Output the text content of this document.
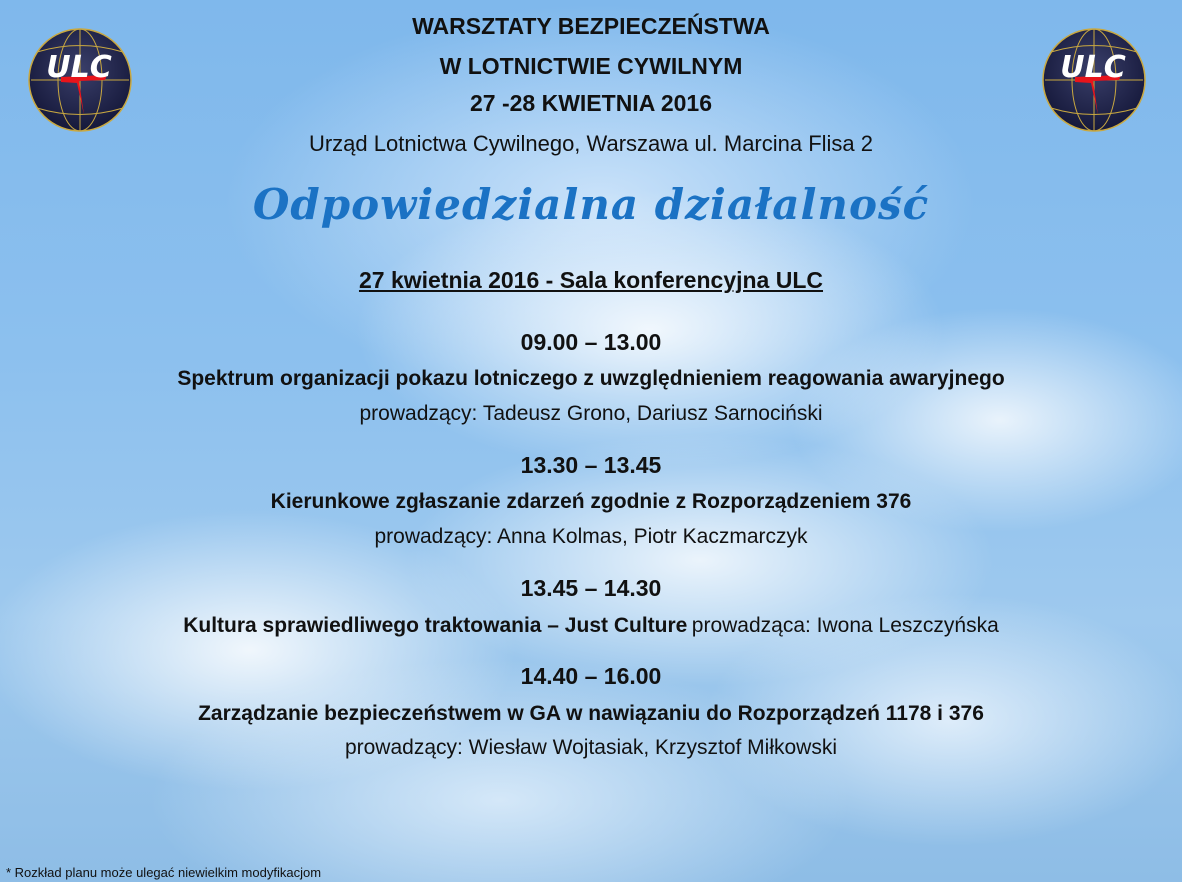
ULC	ULC
WARSZTATY BEZPIECZEŃSTWA
W LOTNICTWIE CYWILNYM
27 -28 KWIETNIA 2016
Urząd Lotnictwa Cywilnego, Warszawa ul. Marcina Flisa 2
Odpowiedzialna działalność
27 kwietnia 2016 - Sala konferencyjna ULC
09.00 – 13.00
Spektrum organizacji pokazu lotniczego z uwzględnieniem reagowania awaryjnego
prowadzący: Tadeusz Grono, Dariusz Sarnociński
13.30 – 13.45
Kierunkowe zgłaszanie zdarzeń zgodnie z Rozporządzeniem 376
prowadzący: Anna Kolmas, Piotr Kaczmarczyk
13.45 – 14.30
Kultura sprawiedliwego traktowania – Just Culture prowadząca: Iwona Leszczyńska
14.40 – 16.00
Zarządzanie bezpieczeństwem w GA w nawiązaniu do Rozporządzeń 1178 i 376
prowadzący: Wiesław Wojtasiak, Krzysztof Miłkowski
* Rozkład planu może ulegać niewielkim modyfikacjom
